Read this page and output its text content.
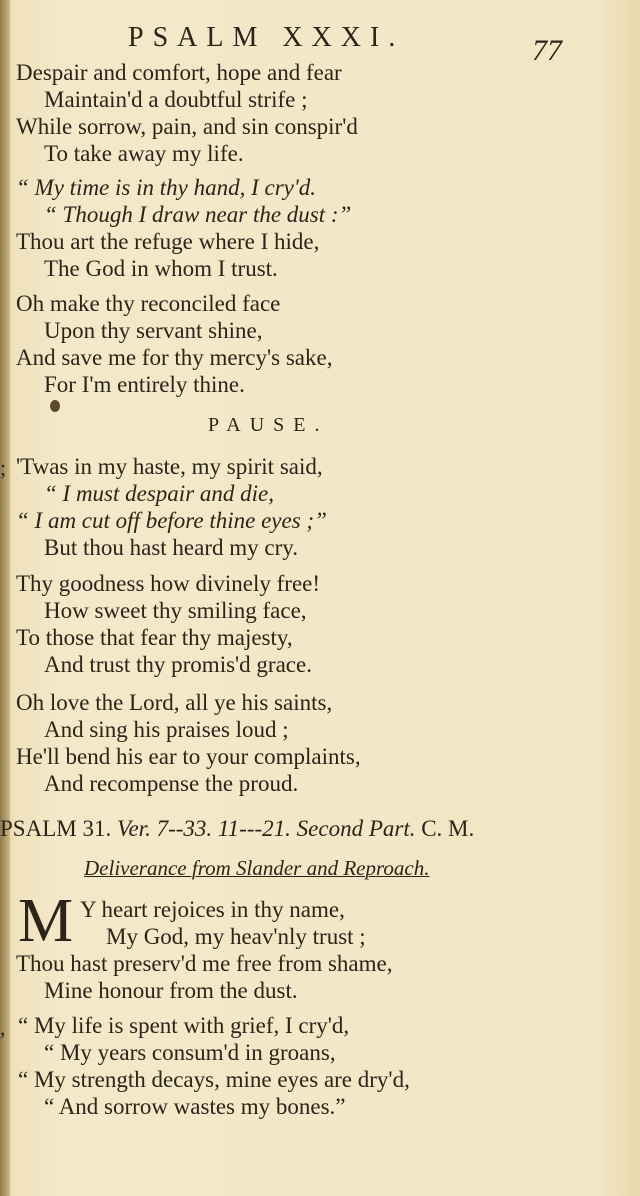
PSALM XXXI.	77
Despair and comfort, hope and fear
Maintain'd a doubtful strife ;
While sorrow, pain, and sin conspir'd
To take away my life.
“ My time is in thy hand, I cry'd.
“ Though I draw near the dust :”
Thou art the refuge where I hide,
The God in whom I trust.
Oh make thy reconciled face
Upon thy servant shine,
And save me for thy mercy's sake,
For I'm entirely thine.
PAUSE.
; 'Twas in my haste, my spirit said,
“ I must despair and die,
“ I am cut off before thine eyes ;”
But thou hast heard my cry.
Thy goodness how divinely free!
How sweet thy smiling face,
To those that fear thy majesty,
And trust thy promis'd grace.
Oh love the Lord, all ye his saints,
And sing his praises loud ;
He'll bend his ear to your complaints,
And recompense the proud.
PSALM 31. Ver. 7--33. 11---21. Second Part. C. M.
Deliverance from Slander and Reproach.
M Y heart rejoices in thy name,
My God, my heav'nly trust ;
Thou hast preserv'd me free from shame,
Mine honour from the dust.
, “ My life is spent with grief, I cry'd,
“ My years consum'd in groans,
“ My strength decays, mine eyes are dry'd,
“ And sorrow wastes my bones.”
